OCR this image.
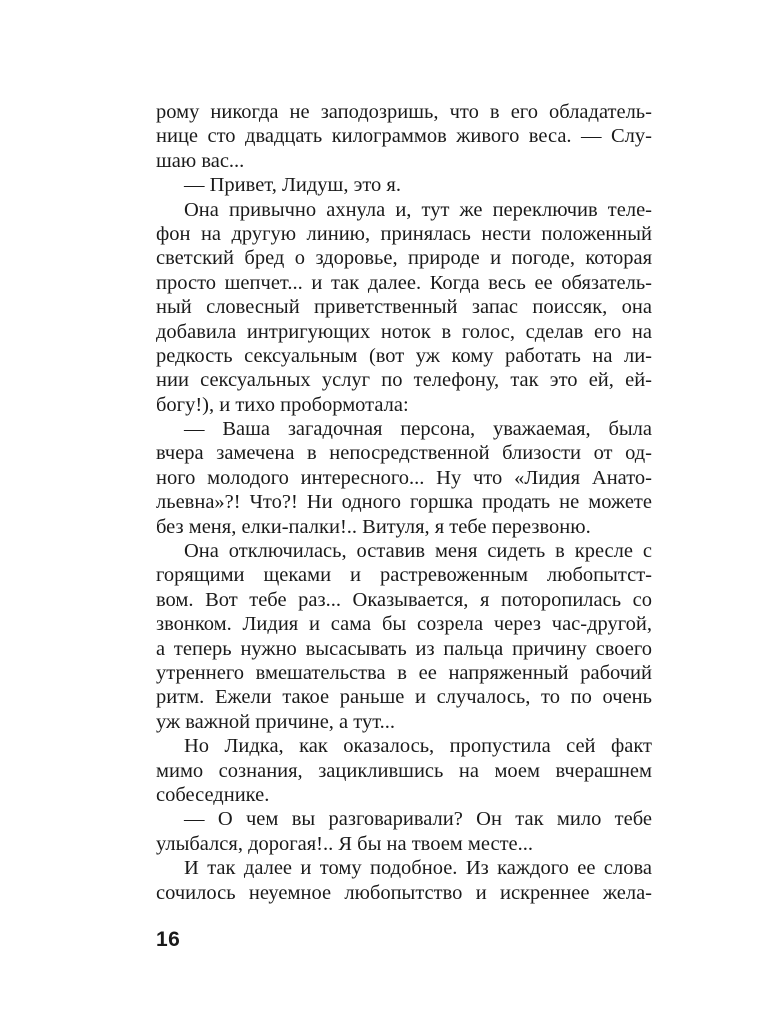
рому никогда не заподозришь, что в его обладатель-
нице сто двадцать килограммов живого веса. — Слу-
шаю вас...
— Привет, Лидуш, это я.
Она привычно ахнула и, тут же переключив теле-
фон на другую линию, принялась нести положенный
светский бред о здоровье, природе и погоде, которая
просто шепчет... и так далее. Когда весь ее обязатель-
ный словесный приветственный запас поиссяк, она
добавила интригующих ноток в голос, сделав его на
редкость сексуальным (вот уж кому работать на ли-
нии сексуальных услуг по телефону, так это ей, ей-
богу!), и тихо пробормотала:
— Ваша загадочная персона, уважаемая, была
вчера замечена в непосредственной близости от од-
ного молодого интересного... Ну что «Лидия Анато-
льевна»?! Что?! Ни одного горшка продать не можете
без меня, елки-палки!.. Витуля, я тебе перезвоню.
Она отключилась, оставив меня сидеть в кресле с
горящими щеками и растревоженным любопытст-
вом. Вот тебе раз... Оказывается, я поторопилась со
звонком. Лидия и сама бы созрела через час-другой,
а теперь нужно высасывать из пальца причину своего
утреннего вмешательства в ее напряженный рабочий
ритм. Ежели такое раньше и случалось, то по очень
уж важной причине, а тут...
Но Лидка, как оказалось, пропустила сей факт
мимо сознания, зациклившись на моем вчерашнем
собеседнике.
— О чем вы разговаривали? Он так мило тебе
улыбался, дорогая!.. Я бы на твоем месте...
И так далее и тому подобное. Из каждого ее слова
сочилось неуемное любопытство и искреннее жела-
16
